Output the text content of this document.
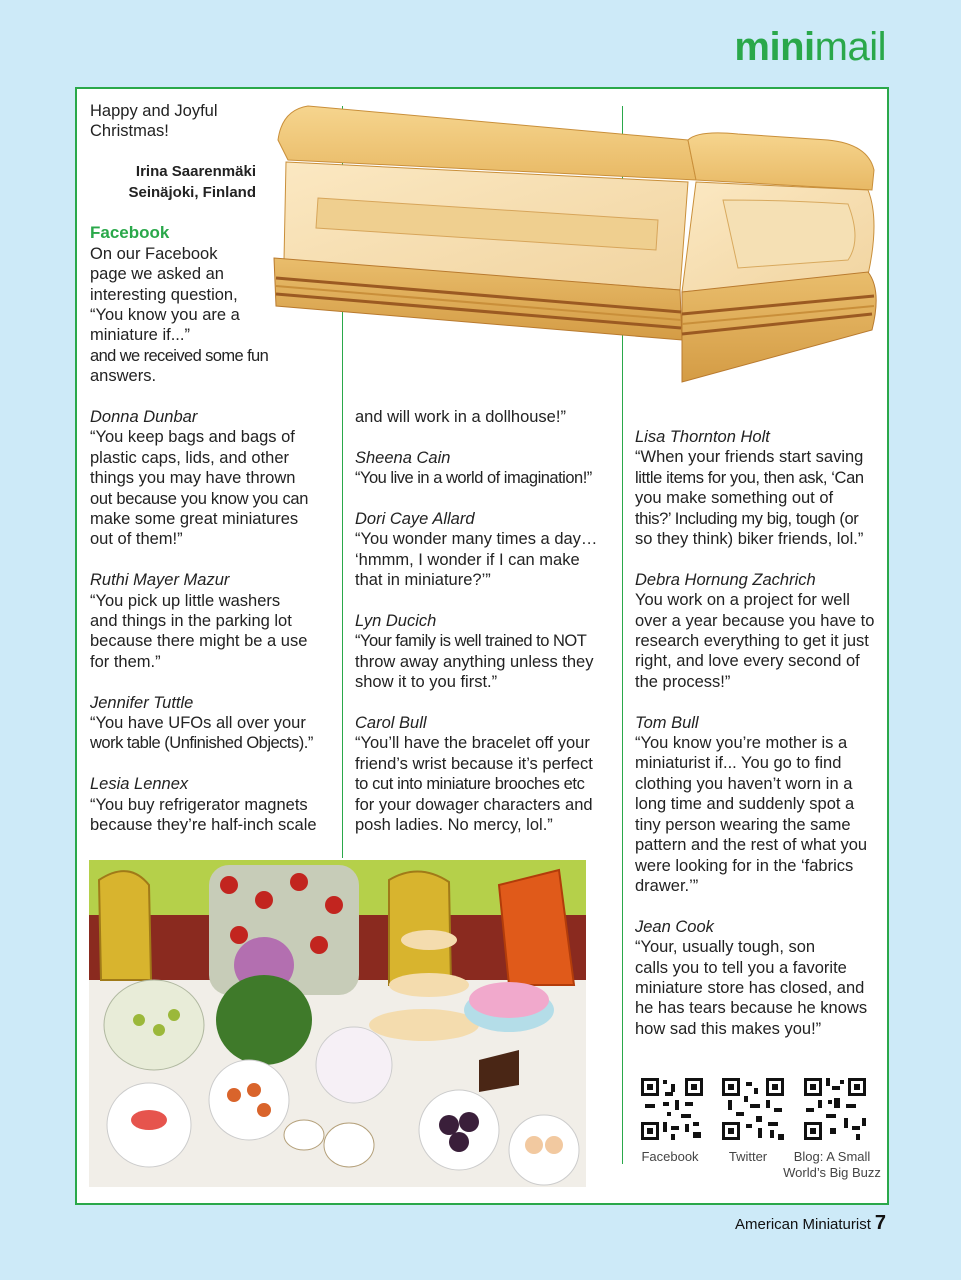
minimail

Happy and Joyful

Christmas!

Irina Saarenmäki

Seinäjoki, Finland

Facebook

On our Facebook

page we asked an

interesting question,

“You know you are a

miniature if...”

and we received some fun

answers.

Donna Dunbar

“You keep bags and bags of

plastic caps, lids, and other

things you may have thrown

out because you know you can

make some great miniatures

out of them!”

Ruthi Mayer Mazur

“You pick up little washers

and things in the parking lot

because there might be a use

for them.”

Jennifer Tuttle

“You have UFOs all over your

work table (Unfinished Objects).”

Lesia Lennex

“You buy refrigerator magnets

because they’re half-inch scale

and will work in a dollhouse!”

Sheena Cain

“You live in a world of imagination!”

Dori Caye Allard

“You wonder many times a day…

‘hmmm, I wonder if I can make

that in miniature?’”

Lyn Ducich

“Your family is well trained to NOT

throw away anything unless they

show it to you first.”

Carol Bull

“You’ll have the bracelet off your

friend’s wrist because it’s perfect

to cut into miniature brooches etc

for your dowager characters and

posh ladies. No mercy, lol.”

Lisa Thornton Holt

“When your friends start saving

little items for you, then ask, ‘Can

you make something out of

this?’ Including my big, tough (or

so they think) biker friends, lol.”

Debra Hornung Zachrich

You work on a project for well

over a year because you have to

research everything to get it just

right, and love every second of

the process!”

Tom Bull

“You know you’re mother is a

miniaturist if... You go to find

clothing you haven’t worn in a

long time and suddenly spot a

tiny person wearing the same

pattern and the rest of what you

were looking for in the ‘fabrics

drawer.’”

Jean Cook

“Your, usually tough, son

calls you to tell you a favorite

miniature store has closed, and

he has tears because he knows

how sad this makes you!”

Facebook	Twitter	Blog: A Small

World’s Big Buzz

American Miniaturist 7
